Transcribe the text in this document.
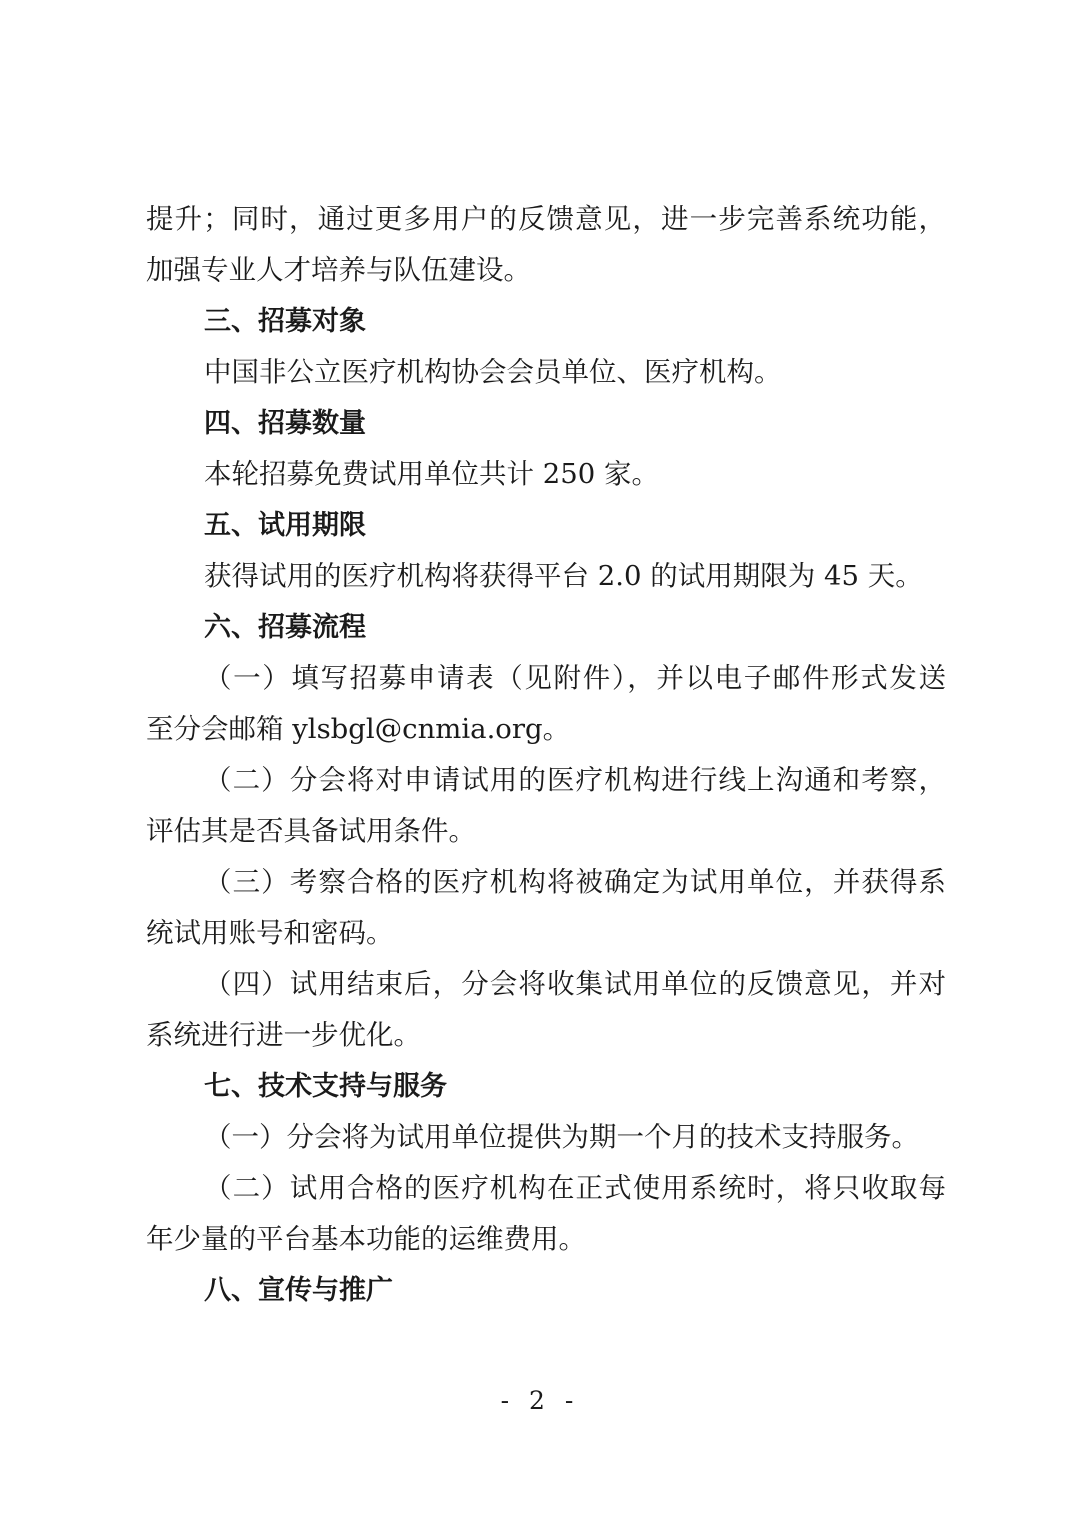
提升；同时，通过更多用户的反馈意见，进一步完善系统功能，
加强专业人才培养与队伍建设。
三、招募对象
中国非公立医疗机构协会会员单位、医疗机构。
四、招募数量
本轮招募免费试用单位共计 250 家。
五、试用期限
获得试用的医疗机构将获得平台 2.0 的试用期限为 45 天。
六、招募流程
（一）填写招募申请表（见附件），并以电子邮件形式发送
至分会邮箱 ylsbgl@cnmia.org。
（二）分会将对申请试用的医疗机构进行线上沟通和考察，
评估其是否具备试用条件。
（三）考察合格的医疗机构将被确定为试用单位，并获得系
统试用账号和密码。
（四）试用结束后，分会将收集试用单位的反馈意见，并对
系统进行进一步优化。
七、技术支持与服务
（一）分会将为试用单位提供为期一个月的技术支持服务。
（二）试用合格的医疗机构在正式使用系统时，将只收取每
年少量的平台基本功能的运维费用。
八、宣传与推广
- 2 -
